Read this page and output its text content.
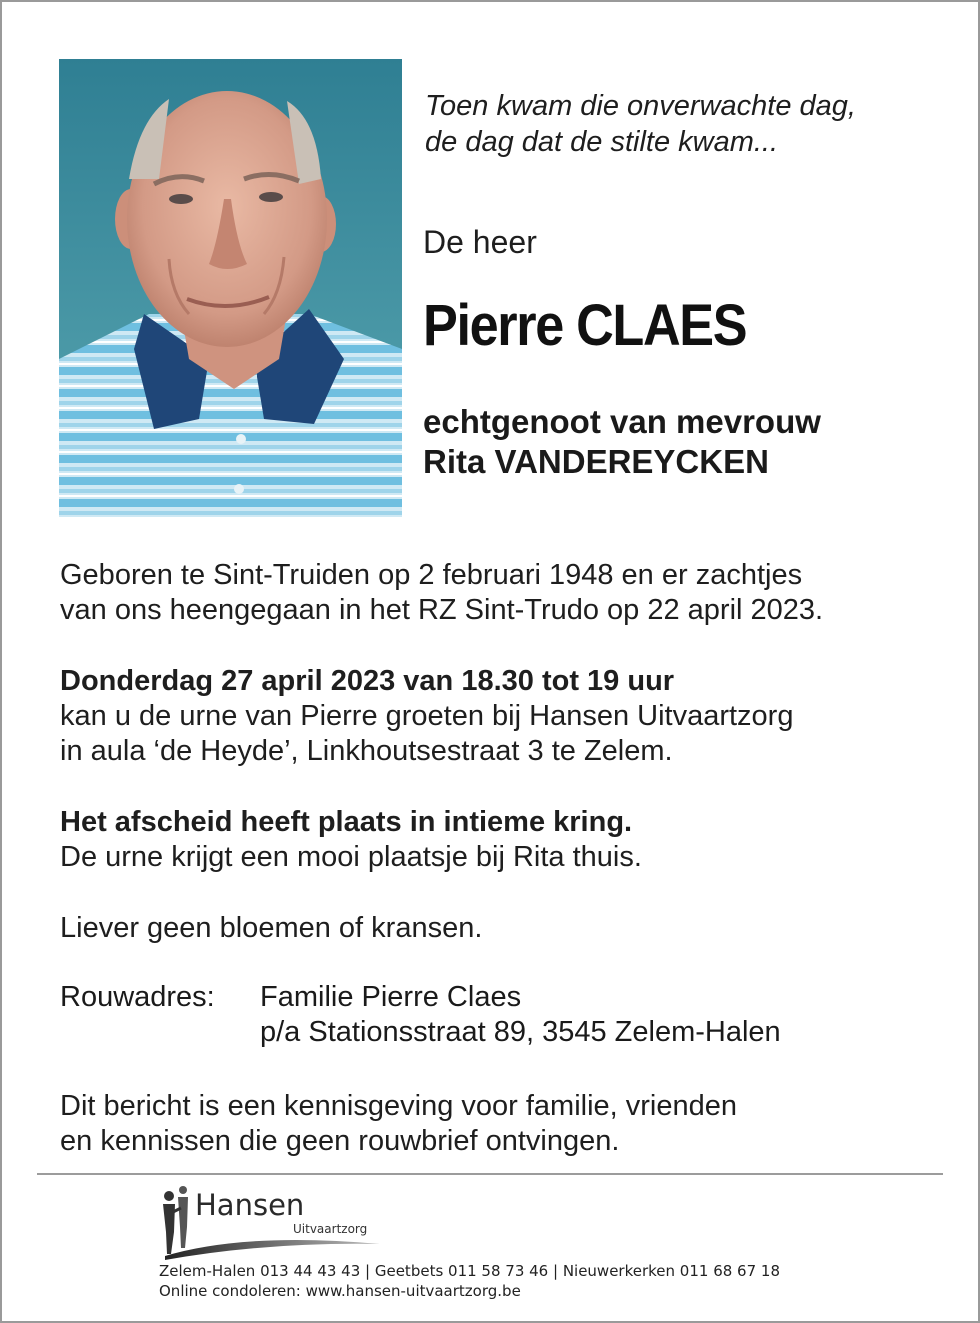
Toen kwam die onverwachte dag,
de dag dat de stilte kwam...
De heer
Pierre CLAES
echtgenoot van mevrouw
Rita VANDEREYCKEN
Geboren te Sint-Truiden op 2 februari 1948 en er zachtjes
van ons heengegaan in het RZ Sint-Trudo op 22 april 2023.
Donderdag 27 april 2023 van 18.30 tot 19 uur
kan u de urne van Pierre groeten bij Hansen Uitvaartzorg
in aula ‘de Heyde’, Linkhoutsestraat 3 te Zelem.
Het afscheid heeft plaats in intieme kring.
De urne krijgt een mooi plaatsje bij Rita thuis.
Liever geen bloemen of kransen.
Rouwadres: Familie Pierre Claes
p/a Stationsstraat 89, 3545 Zelem-Halen
Dit bericht is een kennisgeving voor familie, vrienden
en kennissen die geen rouwbrief ontvingen.
Hansen
Uitvaartzorg
Zelem-Halen 013 44 43 43 | Geetbets 011 58 73 46 | Nieuwerkerken 011 68 67 18
Online condoleren: www.hansen-uitvaartzorg.be
